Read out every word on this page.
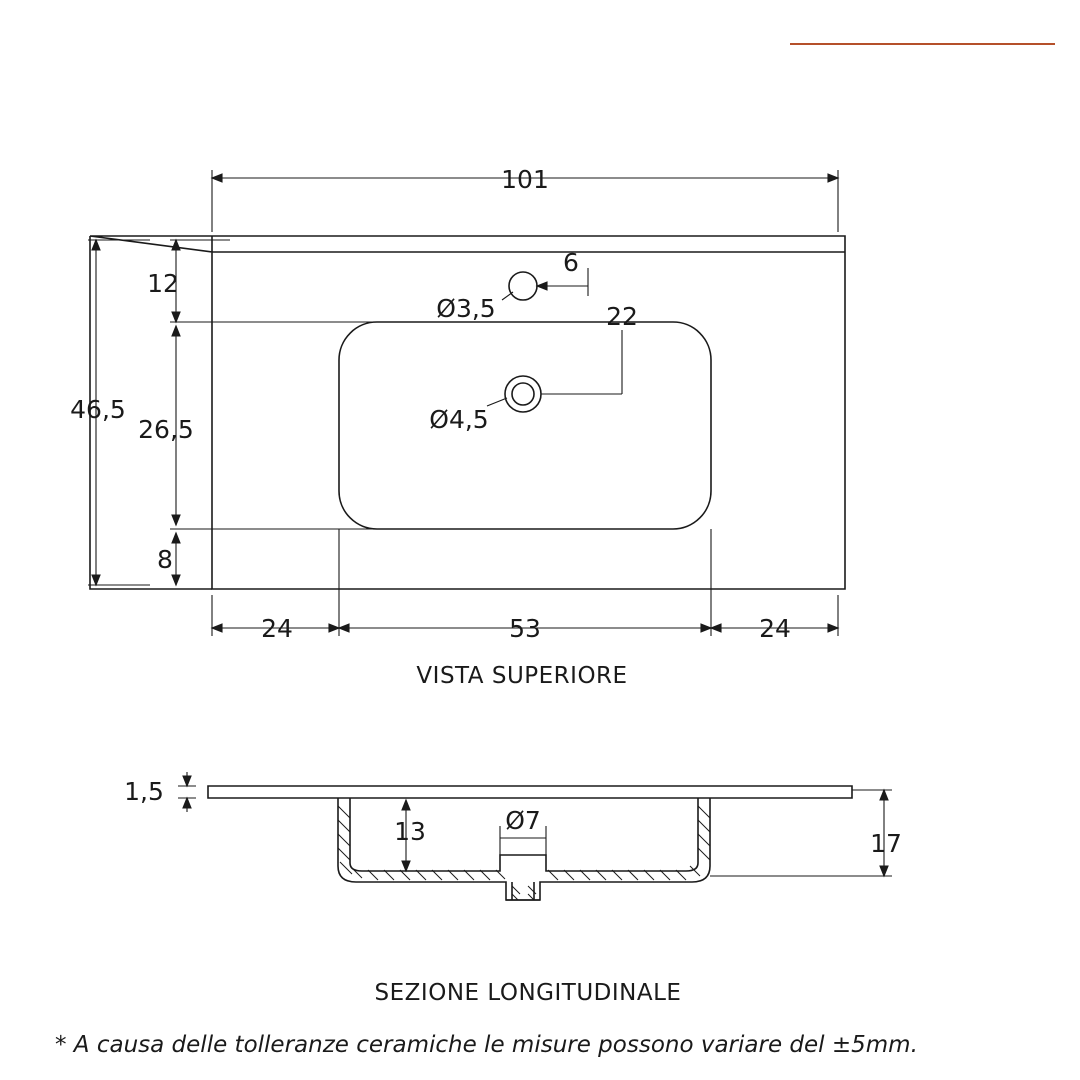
101
46,5
12
26,5
8
24	53	24
6
Ø3,5	22
Ø4,5
VISTA SUPERIORE
1,5
13	Ø7
17
SEZIONE LONGITUDINALE
* A causa delle tolleranze ceramiche le misure possono variare del ±5mm.
